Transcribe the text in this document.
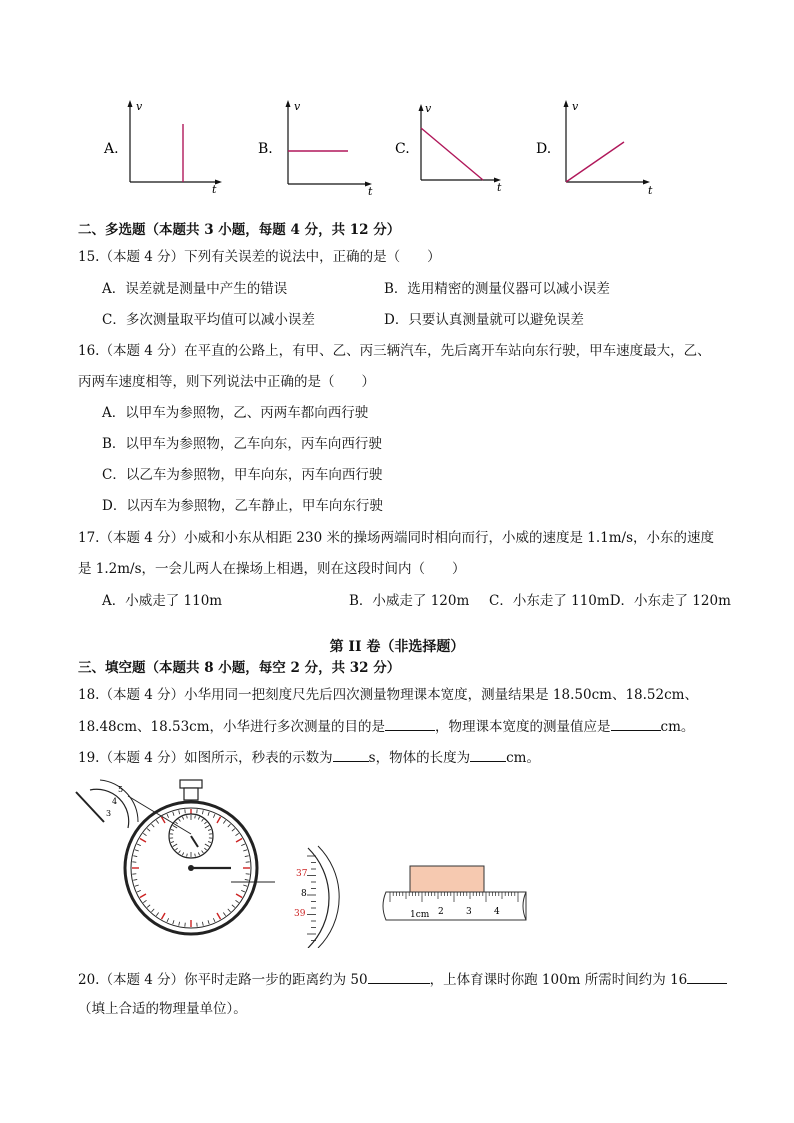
A.
v
t
B.
v
t
C.
v
t
D.
v
t
二、多选题（本题共 3 小题，每题 4 分，共 12 分）
15.（本题 4 分）下列有关误差的说法中，正确的是（　　）
A．误差就是测量中产生的错误	B．选用精密的测量仪器可以减小误差
C．多次测量取平均值可以减小误差	D．只要认真测量就可以避免误差
16.（本题 4 分）在平直的公路上，有甲、乙、丙三辆汽车，先后离开车站向东行驶，甲车速度最大，乙、
丙两车速度相等，则下列说法中正确的是（　　）
A．以甲车为参照物，乙、丙两车都向西行驶
B．以甲车为参照物，乙车向东，丙车向西行驶
C．以乙车为参照物，甲车向东，丙车向西行驶
D．以丙车为参照物，乙车静止，甲车向东行驶
17.（本题 4 分）小威和小东从相距 230 米的操场两端同时相向而行，小威的速度是 1.1m/s，小东的速度
是 1.2m/s，一会儿两人在操场上相遇，则在这段时间内（　　）
A．小威走了 110m	B．小威走了 120m C．小东走了 110mD．小东走了 120m
第 II 卷（非选择题）
三、填空题（本题共 8 小题，每空 2 分，共 32 分）
18.（本题 4 分）小华用同一把刻度尺先后四次测量物理课本宽度，测量结果是 18.50cm、18.52cm、
18.48cm、18.53cm，小华进行多次测量的目的是	，物理课本宽度的测量值应是	cm。
19.（本题 4 分）如图所示，秒表的示数为	s，物体的长度为	cm。
5
4
3
37
8
39	1cm 2 3 4
20.（本题 4 分）你平时走路一步的距离约为 50	，上体育课时你跑 100m 所需时间约为 16
（填上合适的物理量单位）。
